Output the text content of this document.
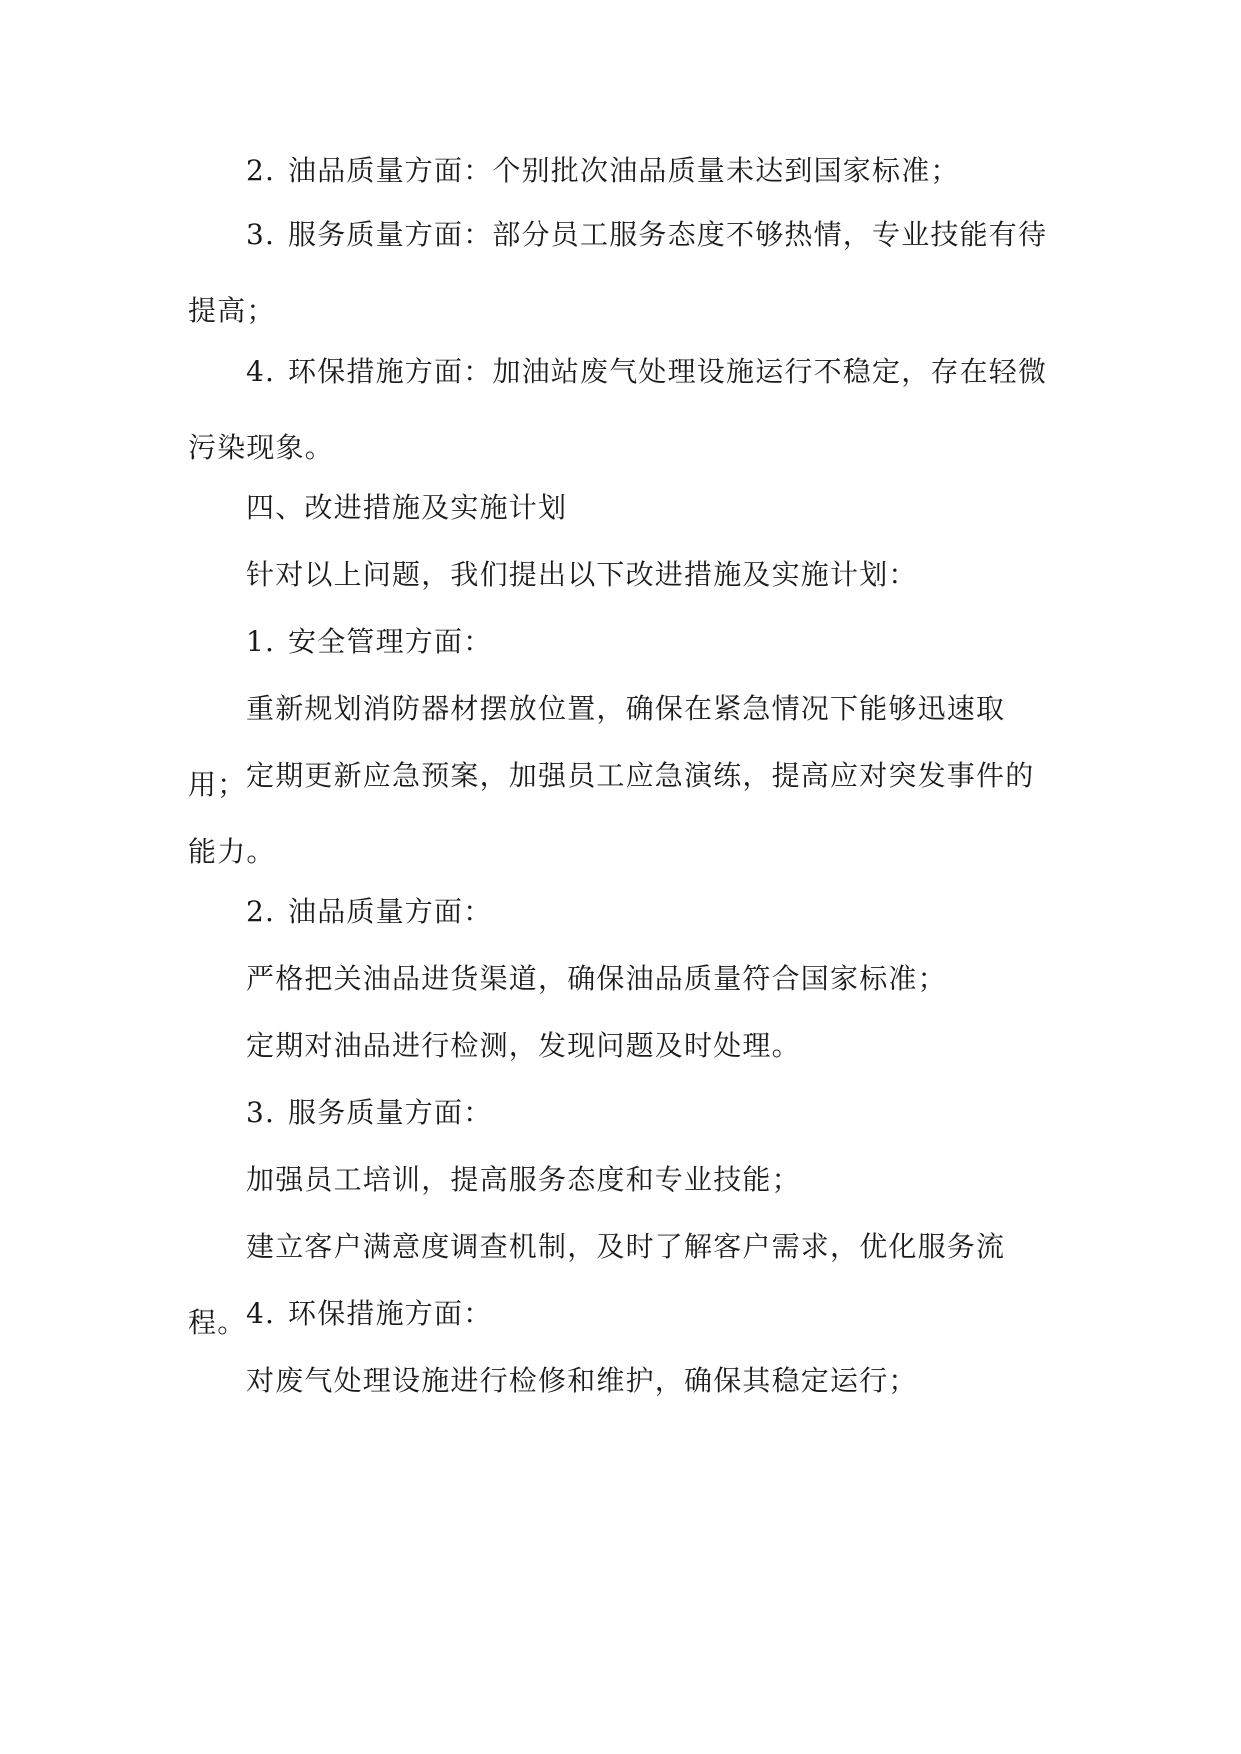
2. 油品质量方面：个别批次油品质量未达到国家标准；

3. 服务质量方面：部分员工服务态度不够热情，专业技能有待提高；

4. 环保措施方面：加油站废气处理设施运行不稳定，存在轻微污染现象。

四、改进措施及实施计划

针对以上问题，我们提出以下改进措施及实施计划：

1. 安全管理方面：

重新规划消防器材摆放位置，确保在紧急情况下能够迅速取用； 定期更新应急预案，加强员工应急演练，提高应对突发事件的能力。

2. 油品质量方面：

严格把关油品进货渠道，确保油品质量符合国家标准；

定期对油品进行检测，发现问题及时处理。

3. 服务质量方面：

加强员工培训，提高服务态度和专业技能；

建立客户满意度调查机制，及时了解客户需求，优化服务流程。 4. 环保措施方面：

对废气处理设施进行检修和维护，确保其稳定运行；
